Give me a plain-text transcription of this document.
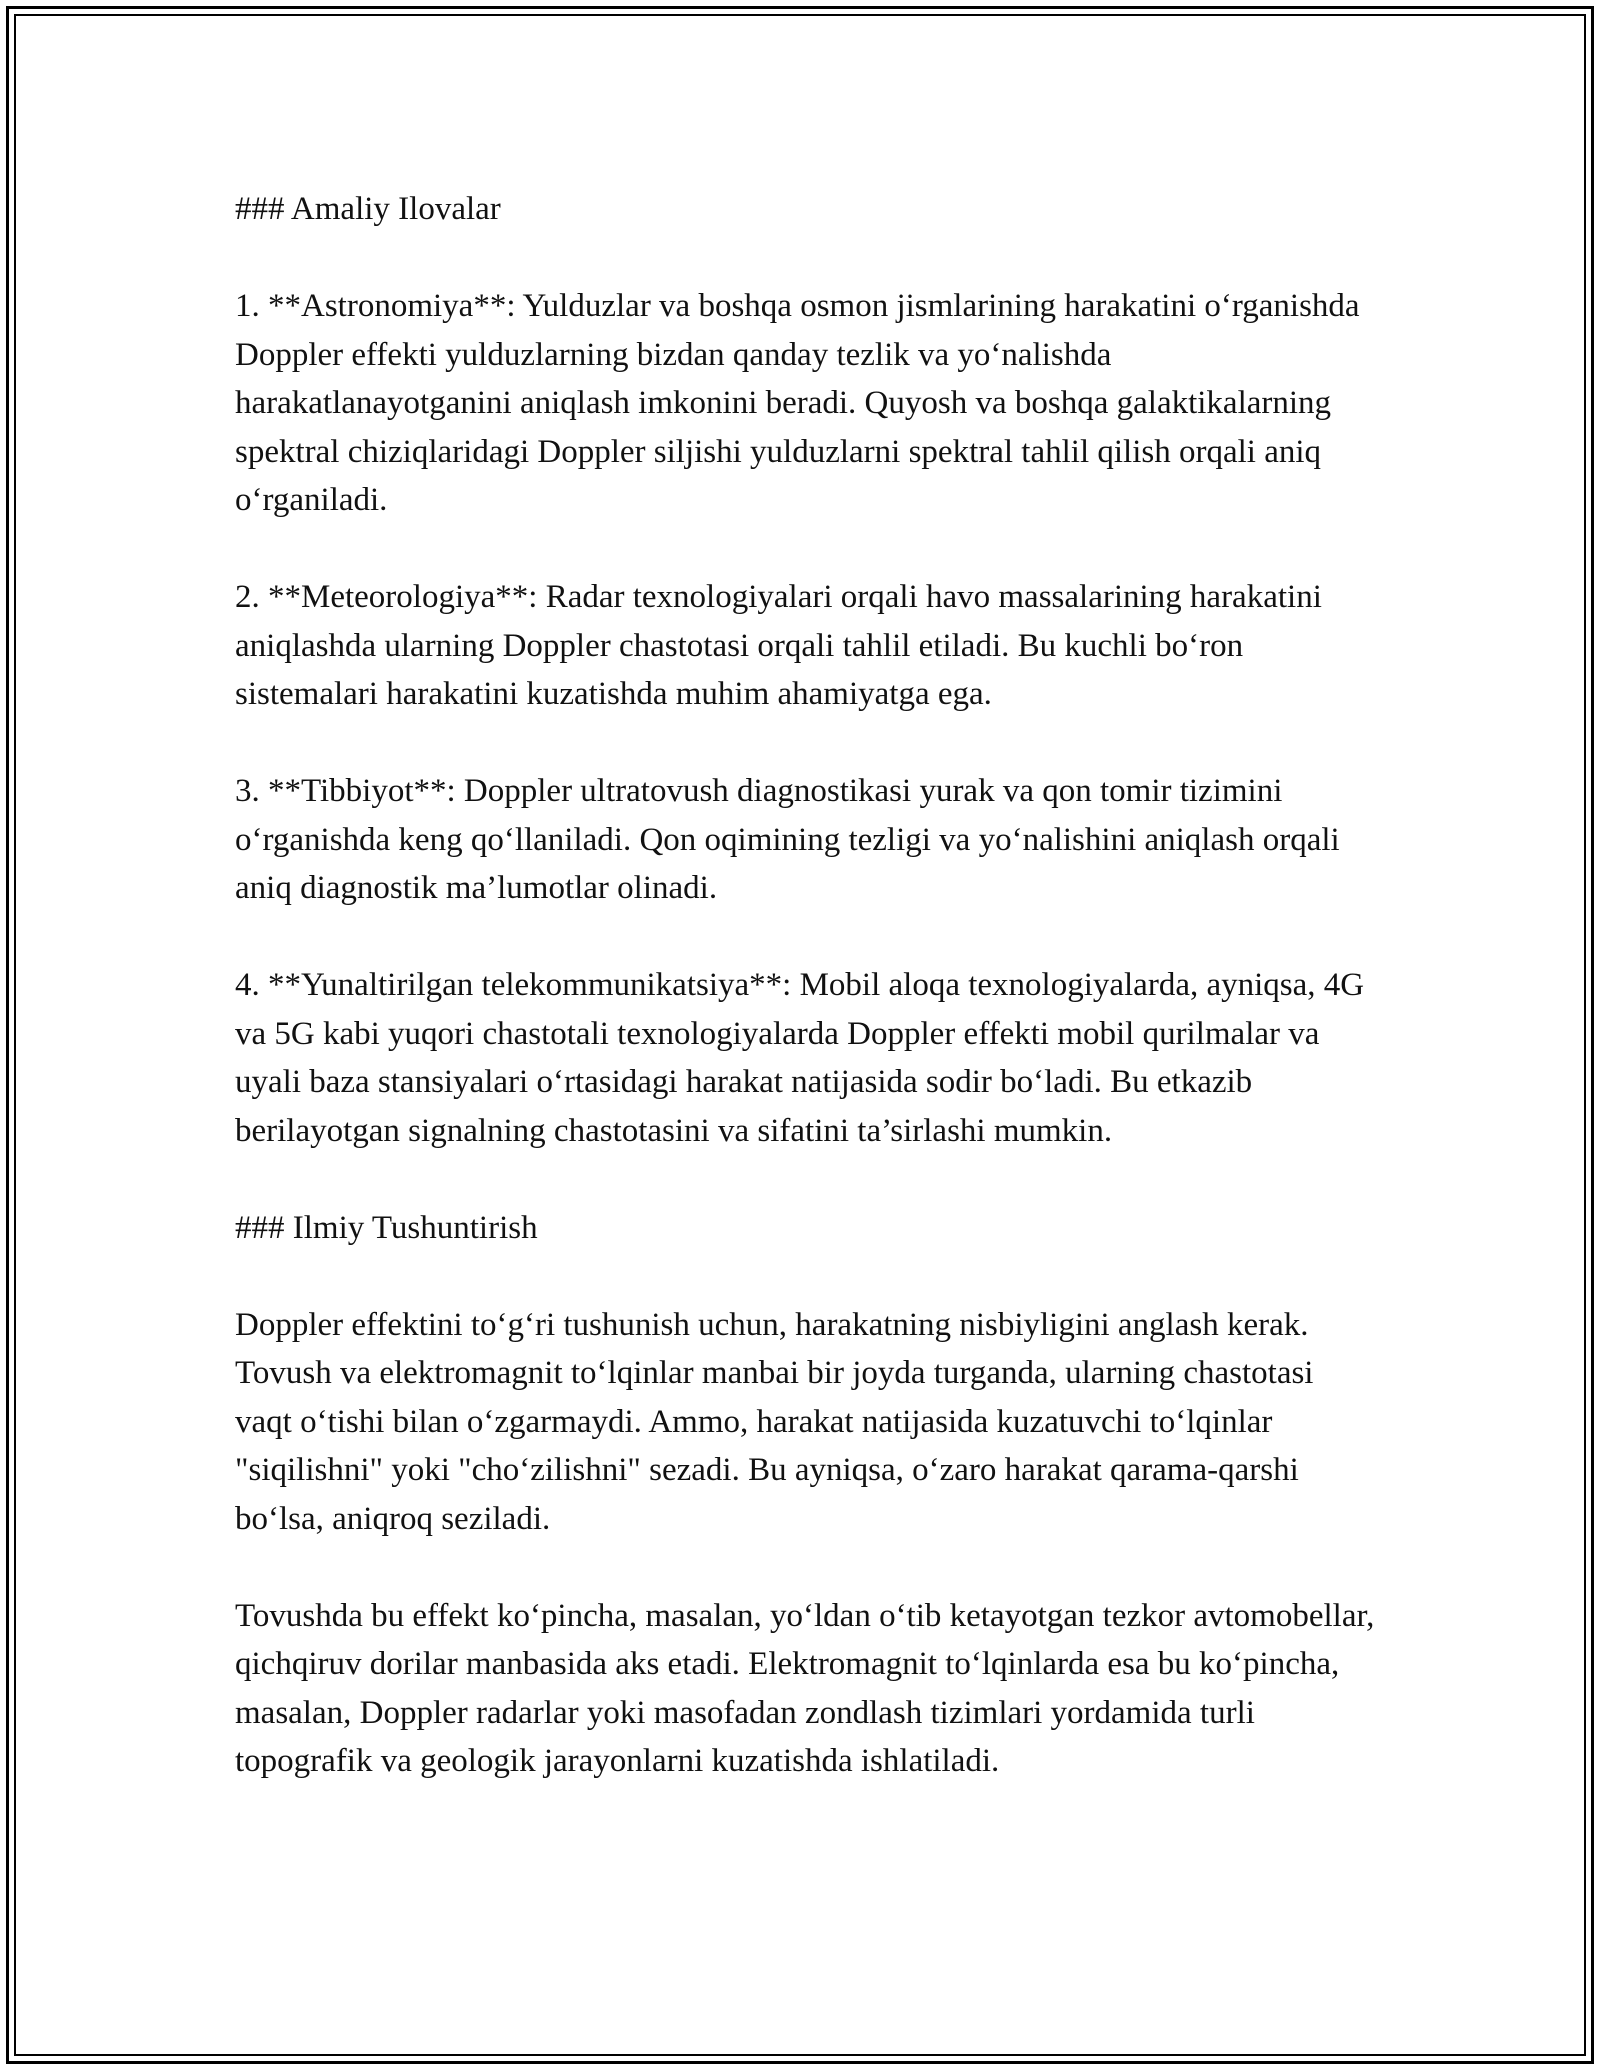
### Amaliy Ilovalar
1. **Astronomiya**: Yulduzlar va boshqa osmon jismlarining harakatini o‘rganishda Doppler effekti yulduzlarning bizdan qanday tezlik va yo‘nalishda harakatlanayotganini aniqlash imkonini beradi. Quyosh va boshqa galaktikalarning spektral chiziqlaridagi Doppler siljishi yulduzlarni spektral tahlil qilish orqali aniq o‘rganiladi.
2. **Meteorologiya**: Radar texnologiyalari orqali havo massalarining harakatini aniqlashda ularning Doppler chastotasi orqali tahlil etiladi. Bu kuchli bo‘ron sistemalari harakatini kuzatishda muhim ahamiyatga ega.
3. **Tibbiyot**: Doppler ultratovush diagnostikasi yurak va qon tomir tizimini o‘rganishda keng qo‘llaniladi. Qon oqimining tezligi va yo‘nalishini aniqlash orqali aniq diagnostik ma’lumotlar olinadi.
4. **Yunaltirilgan telekommunikatsiya**: Mobil aloqa texnologiyalarda, ayniqsa, 4G va 5G kabi yuqori chastotali texnologiyalarda Doppler effekti mobil qurilmalar va uyali baza stansiyalari o‘rtasidagi harakat natijasida sodir bo‘ladi. Bu etkazib berilayotgan signalning chastotasini va sifatini ta’sirlashi mumkin.
### Ilmiy Tushuntirish
Doppler effektini to‘g‘ri tushunish uchun, harakatning nisbiyligini anglash kerak. Tovush va elektromagnit to‘lqinlar manbai bir joyda turganda, ularning chastotasi vaqt o‘tishi bilan o‘zgarmaydi. Ammo, harakat natijasida kuzatuvchi to‘lqinlar "siqilishni" yoki "cho‘zilishni" sezadi. Bu ayniqsa, o‘zaro harakat qarama-qarshi bo‘lsa, aniqroq seziladi.
Tovushda bu effekt ko‘pincha, masalan, yo‘ldan o‘tib ketayotgan tezkor avtomobellar, qichqiruv dorilar manbasida aks etadi. Elektromagnit to‘lqinlarda esa bu ko‘pincha, masalan, Doppler radarlar yoki masofadan zondlash tizimlari yordamida turli topografik va geologik jarayonlarni kuzatishda ishlatiladi.
